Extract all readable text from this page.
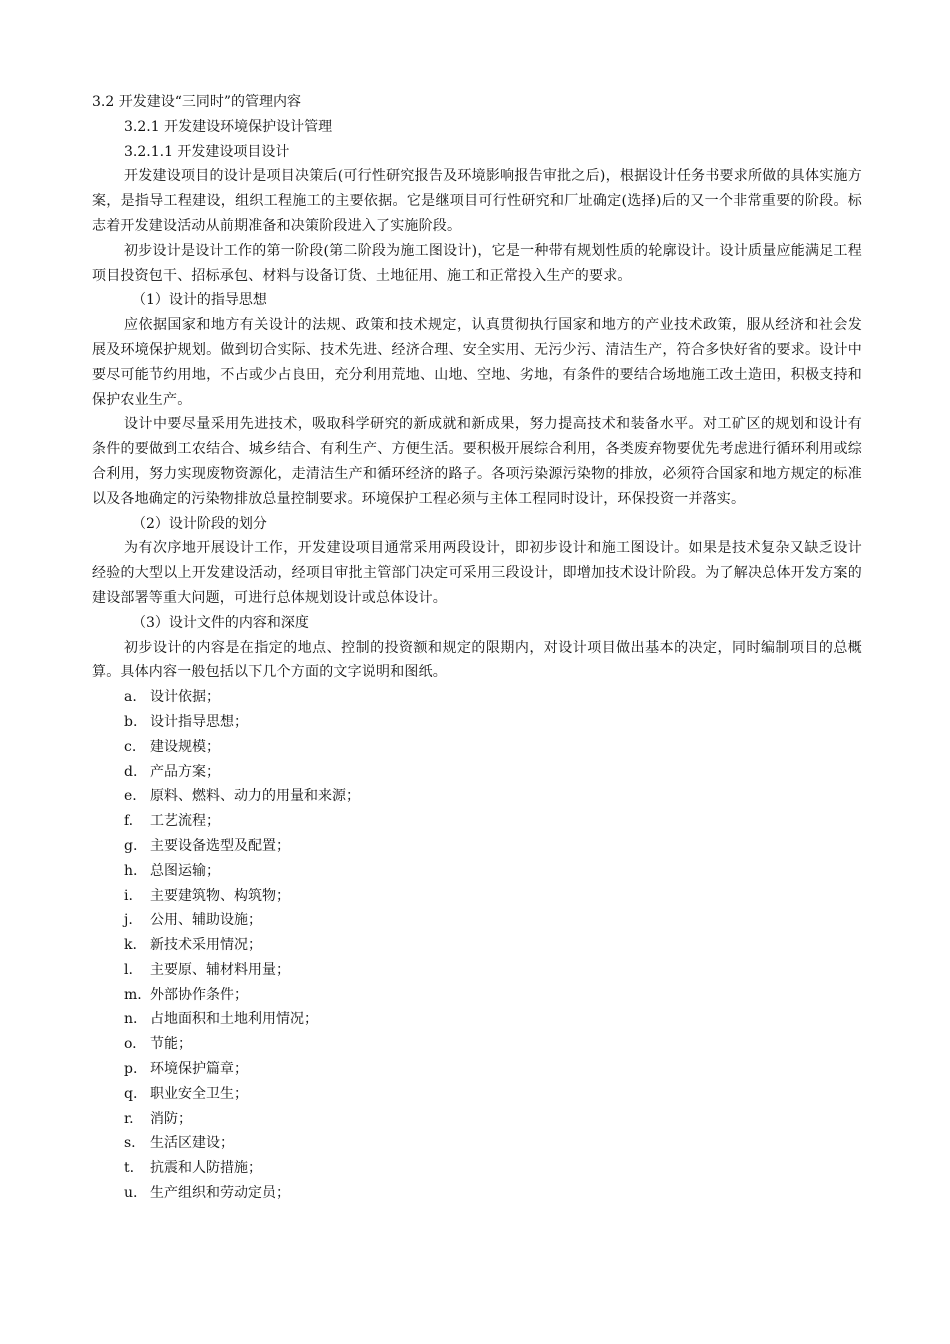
3.2 开发建设“三同时”的管理内容

3.2.1 开发建设环境保护设计管理

3.2.1.1 开发建设项目设计

开发建设项目的设计是项目决策后(可行性研究报告及环境影响报告审批之后)，根据设计任务书要求所做的具体实施方案，是指导工程建设，组织工程施工的主要依据。它是继项目可行性研究和厂址确定(选择)后的又一个非常重要的阶段。标志着开发建设活动从前期准备和决策阶段进入了实施阶段。

初步设计是设计工作的第一阶段(第二阶段为施工图设计)，它是一种带有规划性质的轮廓设计。设计质量应能满足工程项目投资包干、招标承包、材料与设备订货、土地征用、施工和正常投入生产的要求。

（1）设计的指导思想

应依据国家和地方有关设计的法规、政策和技术规定，认真贯彻执行国家和地方的产业技术政策，服从经济和社会发展及环境保护规划。做到切合实际、技术先进、经济合理、安全实用、无污少污、清洁生产，符合多快好省的要求。设计中要尽可能节约用地，不占或少占良田，充分利用荒地、山地、空地、劣地，有条件的要结合场地施工改土造田，积极支持和保护农业生产。

设计中要尽量采用先进技术，吸取科学研究的新成就和新成果，努力提高技术和装备水平。对工矿区的规划和设计有条件的要做到工农结合、城乡结合、有利生产、方便生活。要积极开展综合利用，各类废弃物要优先考虑进行循环利用或综合利用，努力实现废物资源化，走清洁生产和循环经济的路子。各项污染源污染物的排放，必须符合国家和地方规定的标准以及各地确定的污染物排放总量控制要求。环境保护工程必须与主体工程同时设计，环保投资一并落实。

（2）设计阶段的划分

为有次序地开展设计工作，开发建设项目通常采用两段设计，即初步设计和施工图设计。如果是技术复杂又缺乏设计经验的大型以上开发建设活动，经项目审批主管部门决定可采用三段设计，即增加技术设计阶段。为了解决总体开发方案的建设部署等重大问题，可进行总体规划设计或总体设计。

（3）设计文件的内容和深度

初步设计的内容是在指定的地点、控制的投资额和规定的限期内，对设计项目做出基本的决定，同时编制项目的总概算。具体内容一般包括以下几个方面的文字说明和图纸。

a. 设计依据；
b. 设计指导思想；
c. 建设规模；
d. 产品方案；
e. 原料、燃料、动力的用量和来源；
f. 工艺流程；
g. 主要设备选型及配置；
h. 总图运输；
i. 主要建筑物、构筑物；
j. 公用、辅助设施；
k. 新技术采用情况；
l. 主要原、辅材料用量；
m. 外部协作条件；
n. 占地面积和土地利用情况；
o. 节能；
p. 环境保护篇章；
q. 职业安全卫生；
r. 消防；
s. 生活区建设；
t. 抗震和人防措施；
u. 生产组织和劳动定员；
